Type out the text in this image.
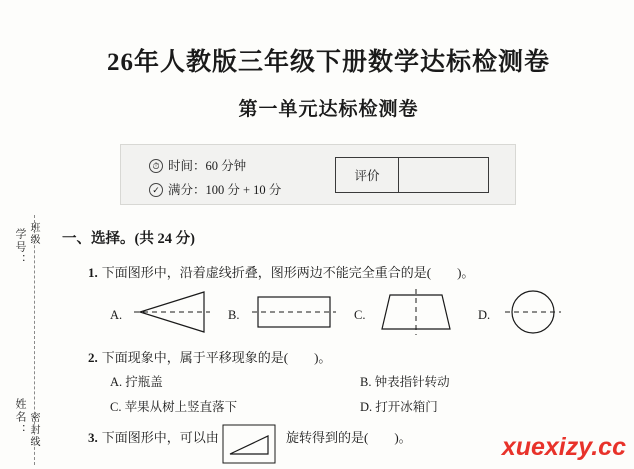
学号： 班级
姓名： 密封线
26年人教版三年级下册数学达标检测卷
第一单元达标检测卷
⏱ 时间：60 分钟
✓ 满分：100 分 + 10 分
评价
一、选择。(共 24 分)
1. 下面图形中，沿着虚线折叠，图形两边不能完全重合的是(　　)。
A.	B.	C.	D.
2. 下面现象中，属于平移现象的是(　　)。
A. 拧瓶盖	B. 钟表指针转动
C. 苹果从树上竖直落下	D. 打开冰箱门
3. 下面图形中，可以由	旋转得到的是(　　)。	xuexizy.cc
